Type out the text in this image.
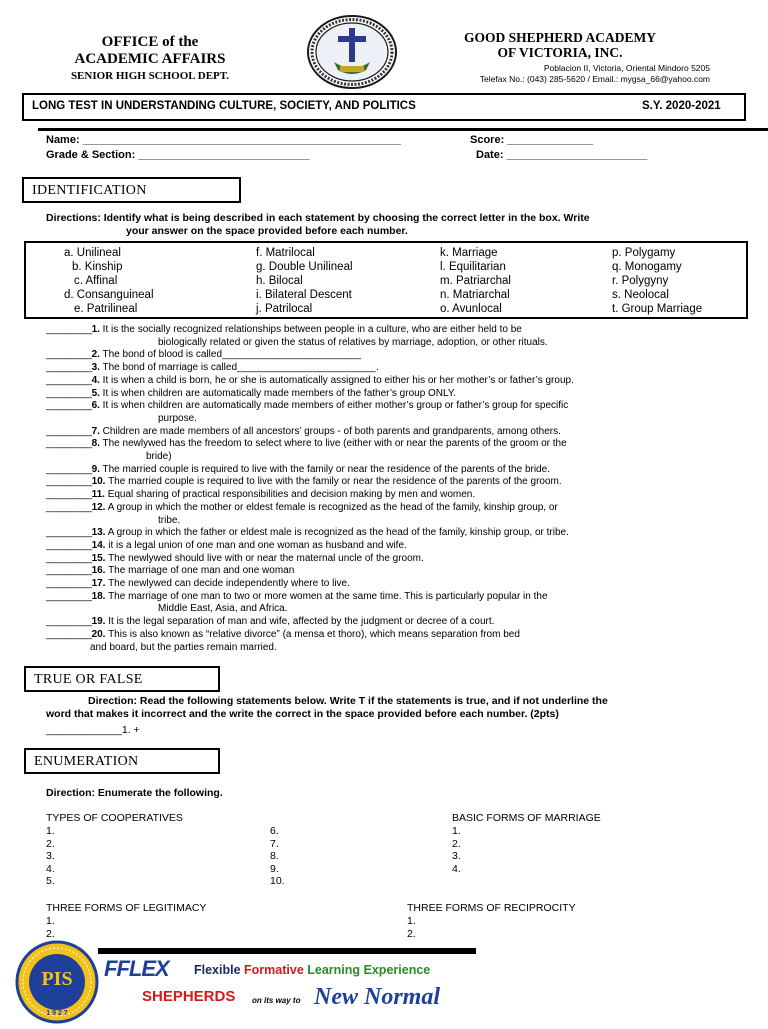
OFFICE of the
ACADEMIC AFFAIRS
SENIOR HIGH SCHOOL DEPT.
GOOD SHEPHERD ACADEMY
OF VICTORIA, INC.
Poblacion II, Victoria, Oriental Mindoro 5205
Telefax No.: (043) 285-5620 / Email.: mygsa_66@yahoo.com
LONG TEST IN UNDERSTANDING CULTURE, SOCIETY, AND POLITICS	S.Y. 2020-2021
Name: ____________________________________________________	Score: ______________
Grade & Section: ____________________________	Date: _______________________
IDENTIFICATION
Directions: Identify what is being described in each statement by choosing the correct letter in the box. Write
your answer on the space provided before each number.
a. Unilineal
b. Kinship
c. Affinal
d. Consanguineal
e. Patrilineal
f. Matrilocal
g. Double Unilineal
h. Bilocal
i. Bilateral Descent
j. Patrilocal
k. Marriage
l. Equilitarian
m. Patriarchal
n. Matriarchal
o. Avunlocal
p. Polygamy
q. Monogamy
r. Polygyny
s. Neolocal
t. Group Marriage
_________1. It is the socially recognized relationships between people in a culture, who are either held to be
biologically related or given the status of relatives by marriage, adoption, or other rituals.
_________2. The bond of blood is called_________________________
_________3. The bond of marriage is called_________________________.
_________4. It is when a child is born, he or she is automatically assigned to either his or her mother’s or father’s group.
_________5. It is when children are automatically made members of the father’s group ONLY.
_________6. It is when children are automatically made members of either mother’s group or father’s group for specific
purpose.
_________7. Children are made members of all ancestors’ groups - of both parents and grandparents, among others.
_________8. The newlywed has the freedom to select where to live (either with or near the parents of the groom or the
bride)
_________9. The married couple is required to live with the family or near the residence of the parents of the bride.
_________10. The married couple is required to live with the family or near the residence of the parents of the groom.
_________11. Equal sharing of practical responsibilities and decision making by men and women.
_________12. A group in which the mother or eldest female is recognized as the head of the family, kinship group, or
tribe.
_________13. A group in which the father or eldest male is recognized as the head of the family, kinship group, or tribe.
_________14. it is a legal union of one man and one woman as husband and wife.
_________15. The newlywed should live with or near the maternal uncle of the groom.
_________16. The marriage of one man and one woman
_________17. The newlywed can decide independently where to live.
_________18. The marriage of one man to two or more women at the same time. This is particularly popular in the
Middle East, Asia, and Africa.
_________19. It is the legal separation of man and wife, affected by the judgment or decree of a court.
_________20. This is also known as “relative divorce” (a mensa et thoro), which means separation from bed
and board, but the parties remain married.
TRUE OR FALSE
Direction: Read the following statements below. Write T if the statements is true, and if not underline the
word that makes it incorrect and the write the correct in the space provided before each number. (2pts)
_____________1. +
ENUMERATION
Direction: Enumerate the following.
TYPES OF COOPERATIVES
1.
2.
3.
4.
5.
6.
7.
8.
9.
10.
BASIC FORMS OF MARRIAGE
1.
2.
3.
4.
THREE FORMS OF LEGITIMACY
1.
2.
THREE FORMS OF RECIPROCITY
1.
2.
PIS
1 9 2 7
FFLEX Flexible Formative Learning Experience
SHEPHERDS on its way to New Normal
